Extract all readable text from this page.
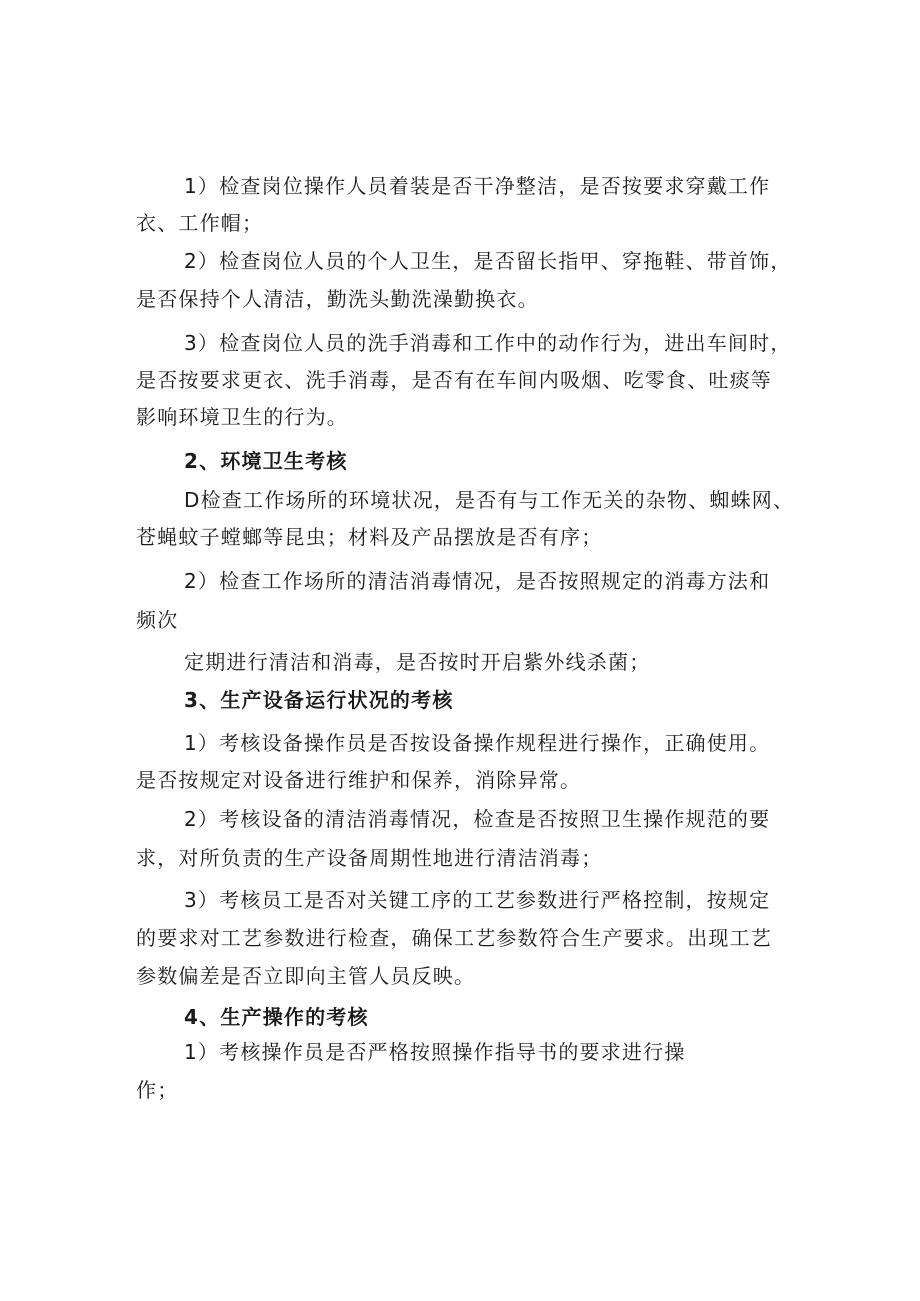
1）检查岗位操作人员着装是否干净整洁，是否按要求穿戴工作
衣、工作帽；
2）检查岗位人员的个人卫生，是否留长指甲、穿拖鞋、带首饰，
是否保持个人清洁，勤洗头勤洗澡勤换衣。
3）检查岗位人员的洗手消毒和工作中的动作行为，进出车间时，
是否按要求更衣、洗手消毒，是否有在车间内吸烟、吃零食、吐痰等
影响环境卫生的行为。
2、环境卫生考核
D检查工作场所的环境状况，是否有与工作无关的杂物、蜘蛛网、
苍蝇蚊子螳螂等昆虫；材料及产品摆放是否有序；
2）检查工作场所的清洁消毒情况，是否按照规定的消毒方法和
频次
定期进行清洁和消毒，是否按时开启紫外线杀菌；
3、生产设备运行状况的考核
1）考核设备操作员是否按设备操作规程进行操作，正确使用。
是否按规定对设备进行维护和保养，消除异常。
2）考核设备的清洁消毒情况，检查是否按照卫生操作规范的要
求，对所负责的生产设备周期性地进行清洁消毒；
3）考核员工是否对关键工序的工艺参数进行严格控制，按规定
的要求对工艺参数进行检查，确保工艺参数符合生产要求。出现工艺
参数偏差是否立即向主管人员反映。
4、生产操作的考核
1）考核操作员是否严格按照操作指导书的要求进行操
作；
